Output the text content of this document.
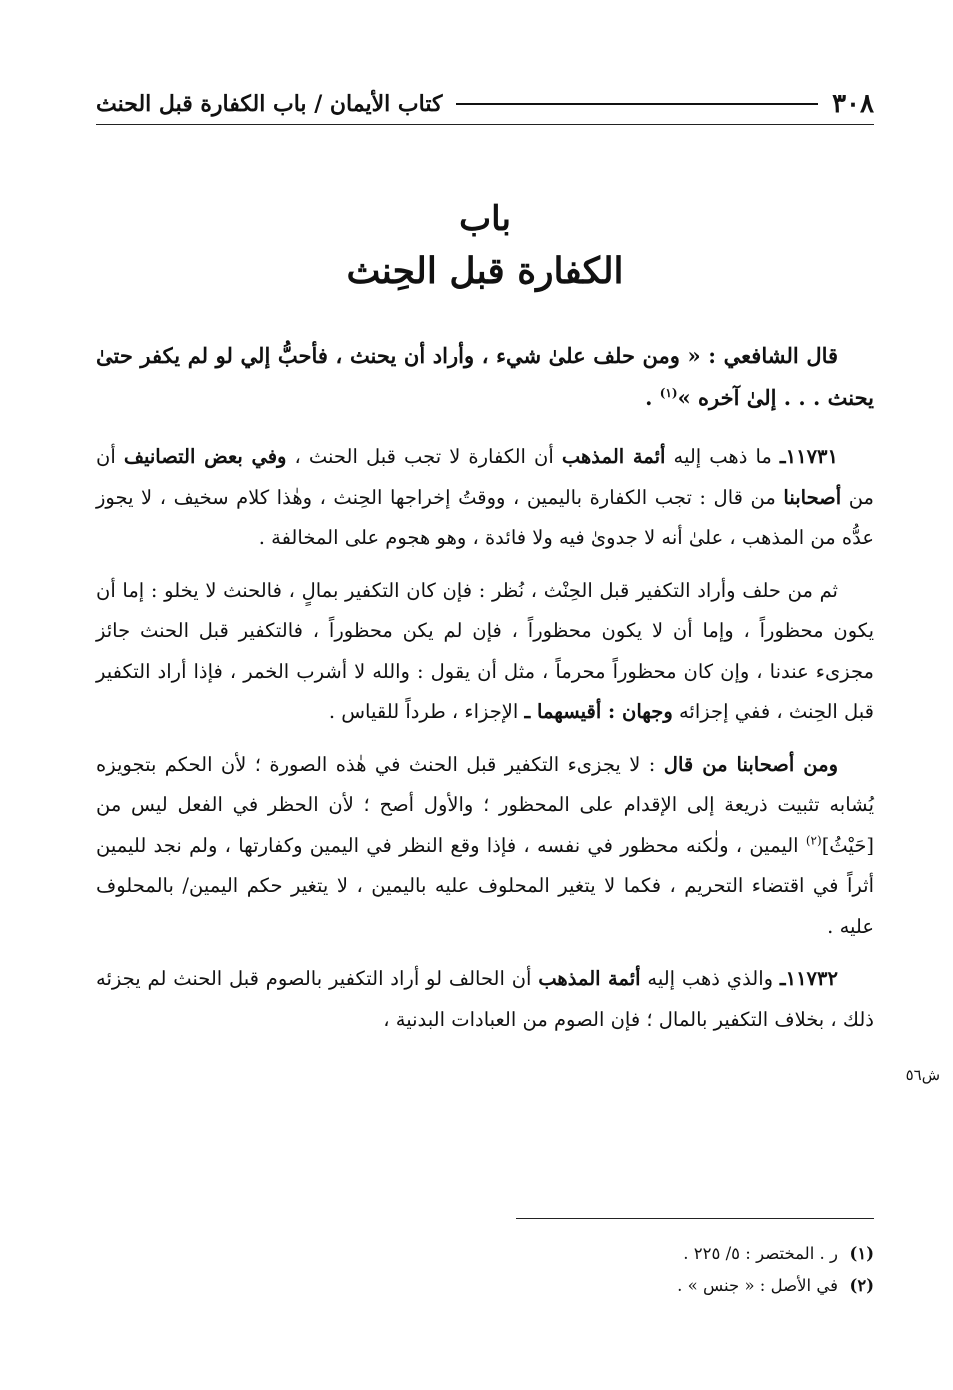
٣٠٨
كتاب الأيمان / باب الكفارة قبل الحنث
باب
الكفارة قبل الحِنث

قال الشافعي : « ومن حلف علىٰ شيء ، وأراد أن يحنث ، فأحبُّ إلي لو لم يكفر حتىٰ يحنث . . . إلىٰ آخره »$^{(١)}$ .

١١٧٣١ـ ما ذهب إليه أئمة المذهب أن الكفارة لا تجب قبل الحنث ، وفي بعض التصانيف أن من أصحابنا من قال : تجب الكفارة باليمين ، ووقتُ إخراجها الحِنث ، وهٰذا كلام سخيف ، لا يجوز عدُّه من المذهب ، علىٰ أنه لا جدوىٰ فيه ولا فائدة ، وهو هجوم على المخالفة .

ثم من حلف وأراد التكفير قبل الحِنْث ، نُظر : فإن كان التكفير بمالٍ ، فالحنث لا يخلو : إما أن يكون محظوراً ، وإما أن لا يكون محظوراً ، فإن لم يكن محظوراً ، فالتكفير قبل الحنث جائز مجزىء عندنا ، وإن كان محظوراً محرماً ، مثل أن يقول : والله لا أشرب الخمر ، فإذا أراد التكفير قبل الحِنث ، ففي إجزائه وجهان : أقيسهما ـ الإجزاء ، طرداً للقياس .

ومن أصحابنا من قال : لا يجزىء التكفير قبل الحنث في هٰذه الصورة ؛ لأن الحكم بتجويزه يُشابه تثبيت ذريعة إلى الإقدام على المحظور ؛ والأول أصح ؛ لأن الحظر في الفعل ليس من [حَيْثُ]$^{(٢)}$ اليمين ، ولٰكنه محظور في نفسه ، فإذا وقع النظر في اليمين وكفارتها ، ولم نجد لليمين أثراً في اقتضاء التحريم ، فكما لا يتغير المحلوف عليه باليمين ، لا يتغير حكم اليمين/ بالمحلوف عليه .

١١٧٣٢ـ والذي ذهب إليه أئمة المذهب أن الحالف لو أراد التكفير بالصوم قبل الحنث لم يجزئه ذلك ، بخلاف التكفير بالمال ؛ فإن الصوم من العبادات البدنية ،

ش٥٦
(١)
ر . المختصر : ٥/ ٢٢٥ .
(٢)
في الأصل : « جنس » .
